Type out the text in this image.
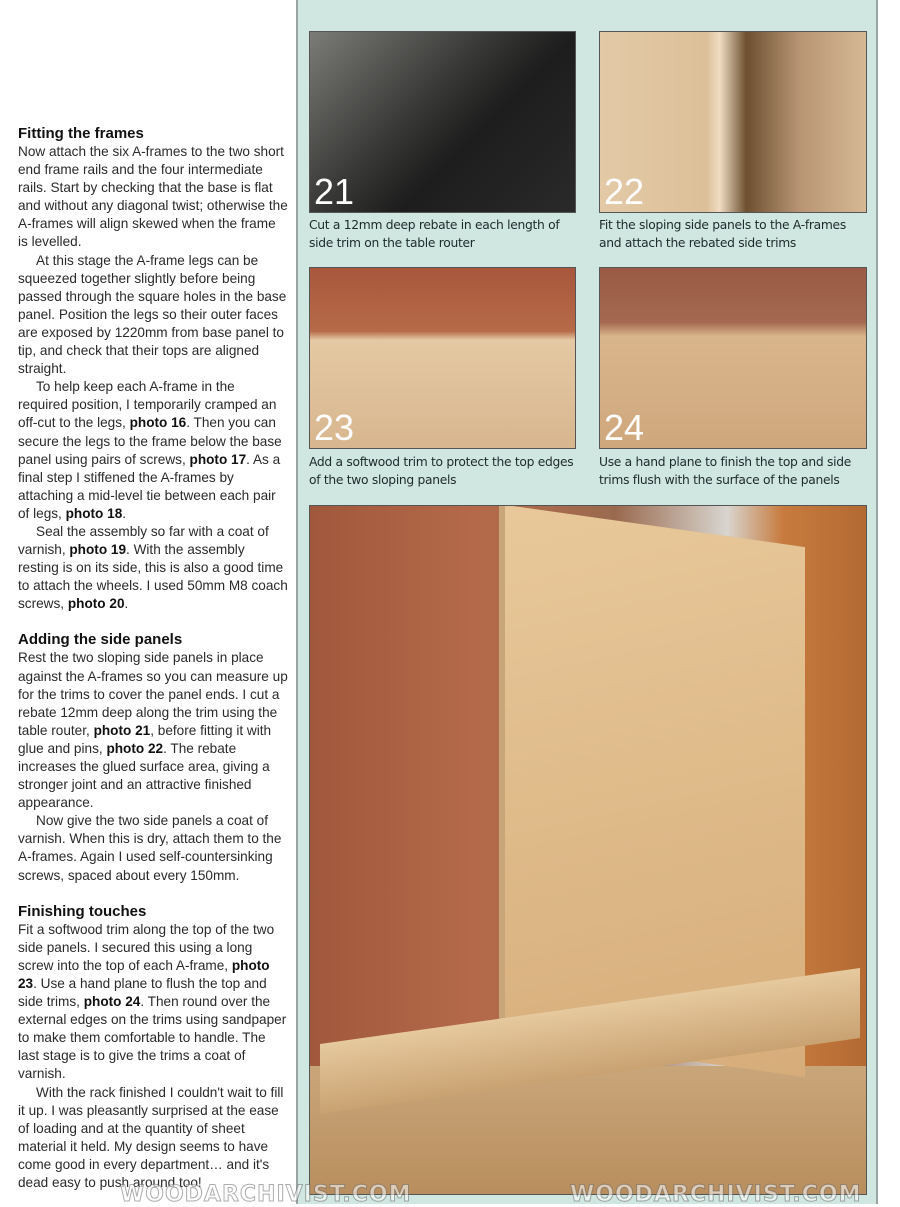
Fitting the frames

Now attach the six A-frames to the two short end frame rails and the four intermediate rails. Start by checking that the base is flat and without any diagonal twist; otherwise the A-frames will align skewed when the frame is levelled.

At this stage the A-frame legs can be squeezed together slightly before being passed through the square holes in the base panel. Position the legs so their outer faces are exposed by 1220mm from base panel to tip, and check that their tops are aligned straight.

To help keep each A-frame in the required position, I temporarily cramped an off-cut to the legs, photo 16. Then you can secure the legs to the frame below the base panel using pairs of screws, photo 17. As a final step I stiffened the A-frames by attaching a mid-level tie between each pair of legs, photo 18.

Seal the assembly so far with a coat of varnish, photo 19. With the assembly resting is on its side, this is also a good time to attach the wheels. I used 50mm M8 coach screws, photo 20.

Adding the side panels

Rest the two sloping side panels in place against the A-frames so you can measure up for the trims to cover the panel ends. I cut a rebate 12mm deep along the trim using the table router, photo 21, before fitting it with glue and pins, photo 22. The rebate increases the glued surface area, giving a stronger joint and an attractive finished appearance.

Now give the two side panels a coat of varnish. When this is dry, attach them to the A-frames. Again I used self-countersinking screws, spaced about every 150mm.

Finishing touches

Fit a softwood trim along the top of the two side panels. I secured this using a long screw into the top of each A-frame, photo 23. Use a hand plane to flush the top and side trims, photo 24. Then round over the external edges on the trims using sandpaper to make them comfortable to handle. The last stage is to give the trims a coat of varnish.

With the rack finished I couldn't wait to fill it up. I was pleasantly surprised at the ease of loading and at the quantity of sheet material it held. My design seems to have come good in every department… and it's dead easy to push around too!

21
Cut a 12mm deep rebate in each length of side trim on the table router
22
Fit the sloping side panels to the A-frames and attach the rebated side trims
23
Add a softwood trim to protect the top edges of the two sloping panels
24
Use a hand plane to finish the top and side trims flush with the surface of the panels
WOODARCHIVIST.COM	WOODARCHIVIST.COM
